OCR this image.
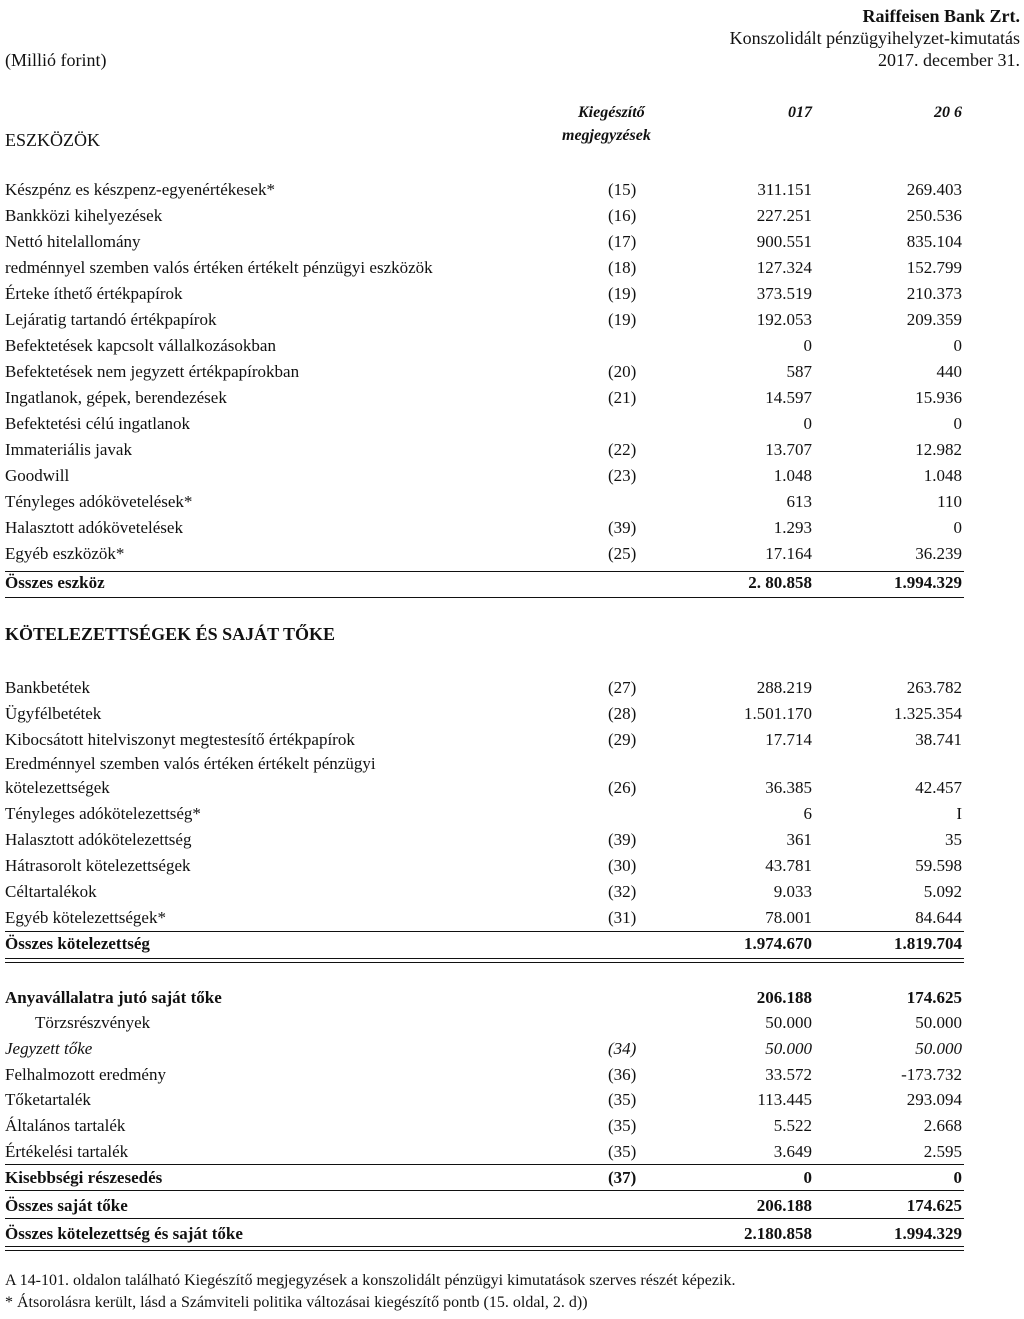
Raiffeisen Bank Zrt.
Konszolidált pénzügyihelyzet-kimutatás
2017. december 31.
(Millió forint)
Kiegészítő
megjegyzések
017	20 6
ESZKÖZÖK
Készpénz es készpenz-egyenértékesek*	(15)	311.151	269.403
Bankközi kihelyezések	(16)	227.251	250.536
Nettó hitelallomány	(17)	900.551	835.104
redménnyel szemben valós értéken értékelt pénzügyi eszközök	(18)	127.324	152.799
Érteke íthető értékpapírok	(19)	373.519	210.373
Lejáratig tartandó értékpapírok	(19)	192.053	209.359
Befektetések kapcsolt vállalkozásokban	0	0
Befektetések nem jegyzett értékpapírokban	(20)	587	440
Ingatlanok, gépek, berendezések	(21)	14.597	15.936
Befektetési célú ingatlanok	0	0
Immateriális javak	(22)	13.707	12.982
Goodwill	(23)	1.048	1.048
Tényleges adókövetelések*	613	110
Halasztott adókövetelések	(39)	1.293	0
Egyéb eszközök*	(25)	17.164	36.239
Összes eszköz	2. 80.858	1.994.329
KÖTELEZETTSÉGEK ÉS SAJÁT TŐKE
Bankbetétek	(27)	288.219	263.782
Ügyfélbetétek	(28)	1.501.170	1.325.354
Kibocsátott hitelviszonyt megtestesítő értékpapírok	(29)	17.714	38.741
Eredménnyel szemben valós értéken értékelt pénzügyi
kötelezettségek	(26)	36.385	42.457
Tényleges adókötelezettség*	6	I
Halasztott adókötelezettség	(39)	361	35
Hátrasorolt kötelezettségek	(30)	43.781	59.598
Céltartalékok	(32)	9.033	5.092
Egyéb kötelezettségek*	(31)	78.001	84.644
Összes kötelezettség	1.974.670	1.819.704
Anyavállalatra jutó saját tőke	206.188	174.625
Törzsrészvények	50.000	50.000
Jegyzett tőke	(34)	50.000	50.000
Felhalmozott eredmény	(36)	33.572	-173.732
Tőketartalék	(35)	113.445	293.094
Általános tartalék	(35)	5.522	2.668
Értékelési tartalék	(35)	3.649	2.595
Kisebbségi részesedés	(37)	0	0
Összes saját tőke	206.188	174.625
Összes kötelezettség és saját tőke	2.180.858	1.994.329
A 14-101. oldalon található Kiegészítő megjegyzések a konszolidált pénzügyi kimutatások szerves részét képezik.
* Átsorolásra került, lásd a Számviteli politika változásai kiegészítő pontb (15. oldal, 2. d))
